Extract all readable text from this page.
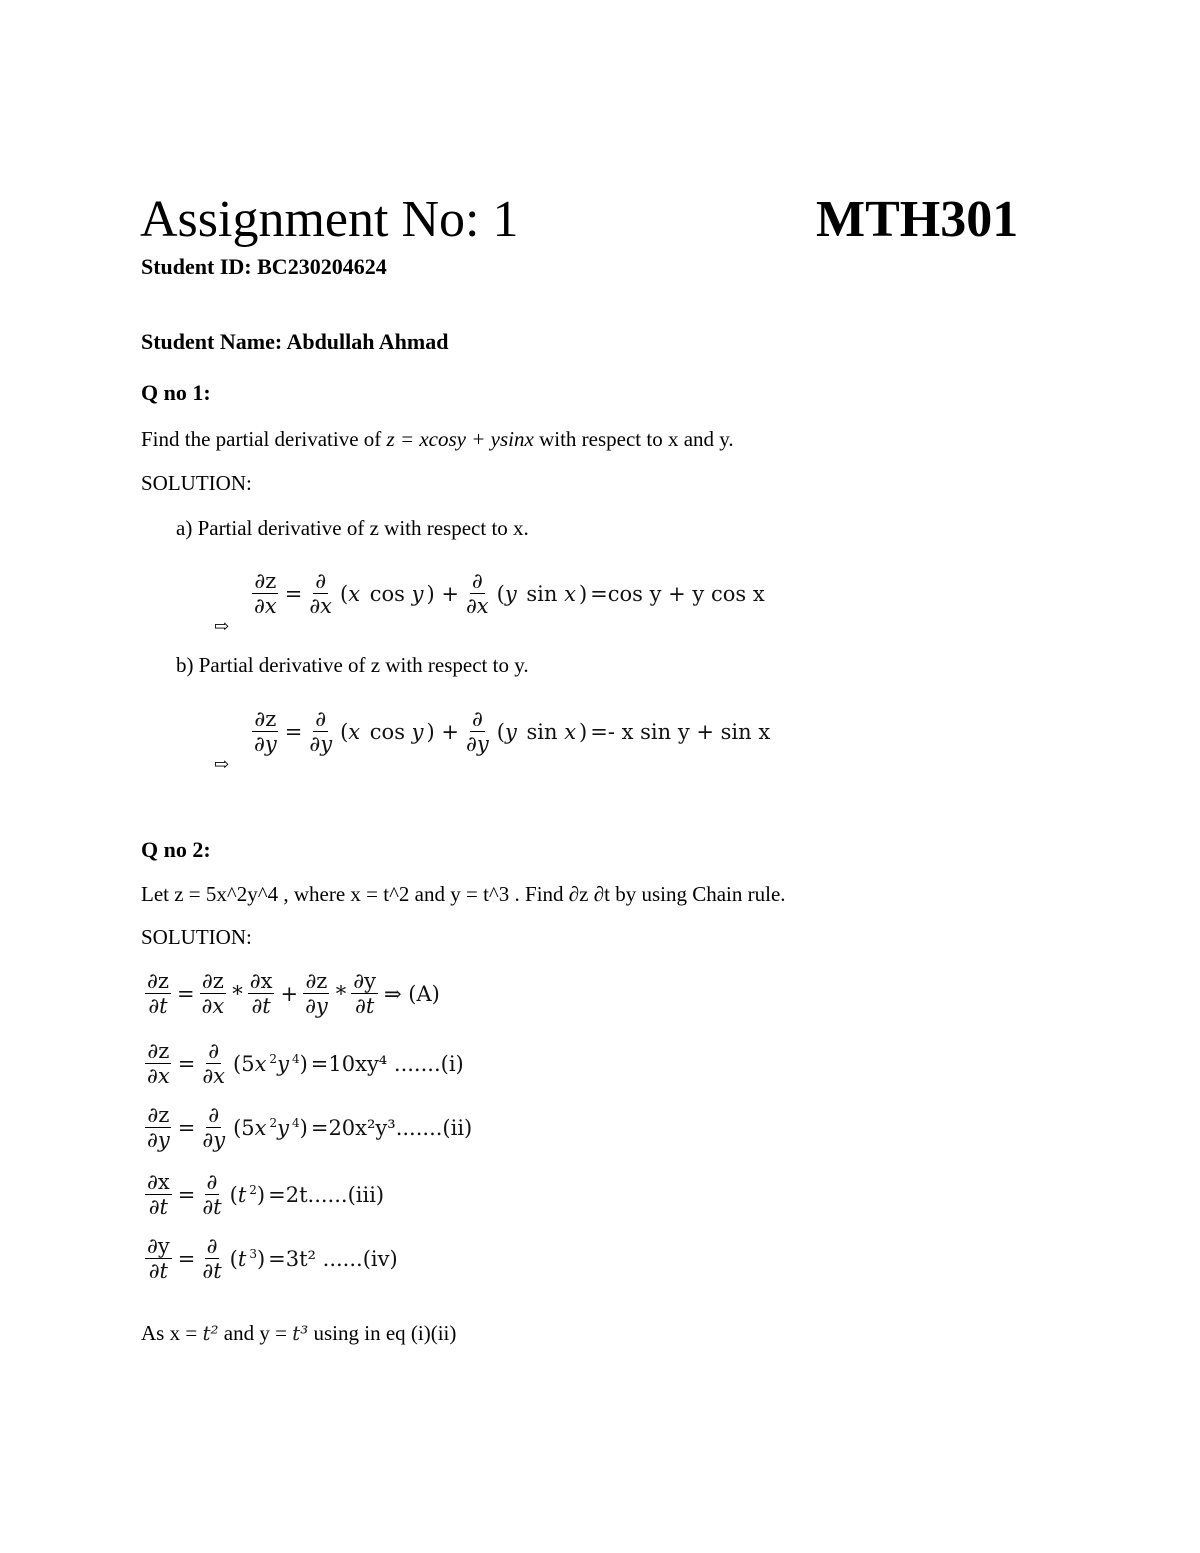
Assignment No: 1	MTH301
Student ID: BC230204624
Student Name: Abdullah Ahmad
Q no 1:
Find the partial derivative of z = xcosy + ysinx with respect to x and y.
SOLUTION:
a) Partial derivative of z with respect to x.
⇨
$\frac{\partial z}{\partial x} = \frac{\partial}{\partial x} (x$ cos y ) + $\frac{\partial}{\partial x} (y$ sin x ) =cos y + y cos x
b) Partial derivative of z with respect to y.
⇨
$\frac{\partial z}{\partial y} = \frac{\partial}{\partial y} (x$ cos y ) + $\frac{\partial}{\partial y} (y$ sin x ) =- x sin y + sin x
Q no 2:
Let z = 5x^2y^4 , where x = t^2 and y = t^3 . Find ∂z ∂t by using Chain rule.
SOLUTION:
$\frac{\partial z}{\partial t} = \frac{\partial z}{\partial x} * \frac{\partial x}{\partial t} + \frac{\partial z}{\partial y} * \frac{\partial y}{\partial t}$ ⇒ (A)
$\frac{\partial z}{\partial x} = \frac{\partial}{\partial x} (5x$ $^2$y $^4$) =10xy⁴ .......(i)
$\frac{\partial z}{\partial y} = \frac{\partial}{\partial y} (5x$ $^2$y $^4$) =20x²y³.......(ii)
$\frac{\partial x}{\partial t} = \frac{\partial}{\partial t} (t$ $^2$) =2t......(iii)
$\frac{\partial y}{\partial t} = \frac{\partial}{\partial t} (t$ $^3$) =3t² ......(iv)
As x = t² and y = t³ using in eq (i)(ii)
